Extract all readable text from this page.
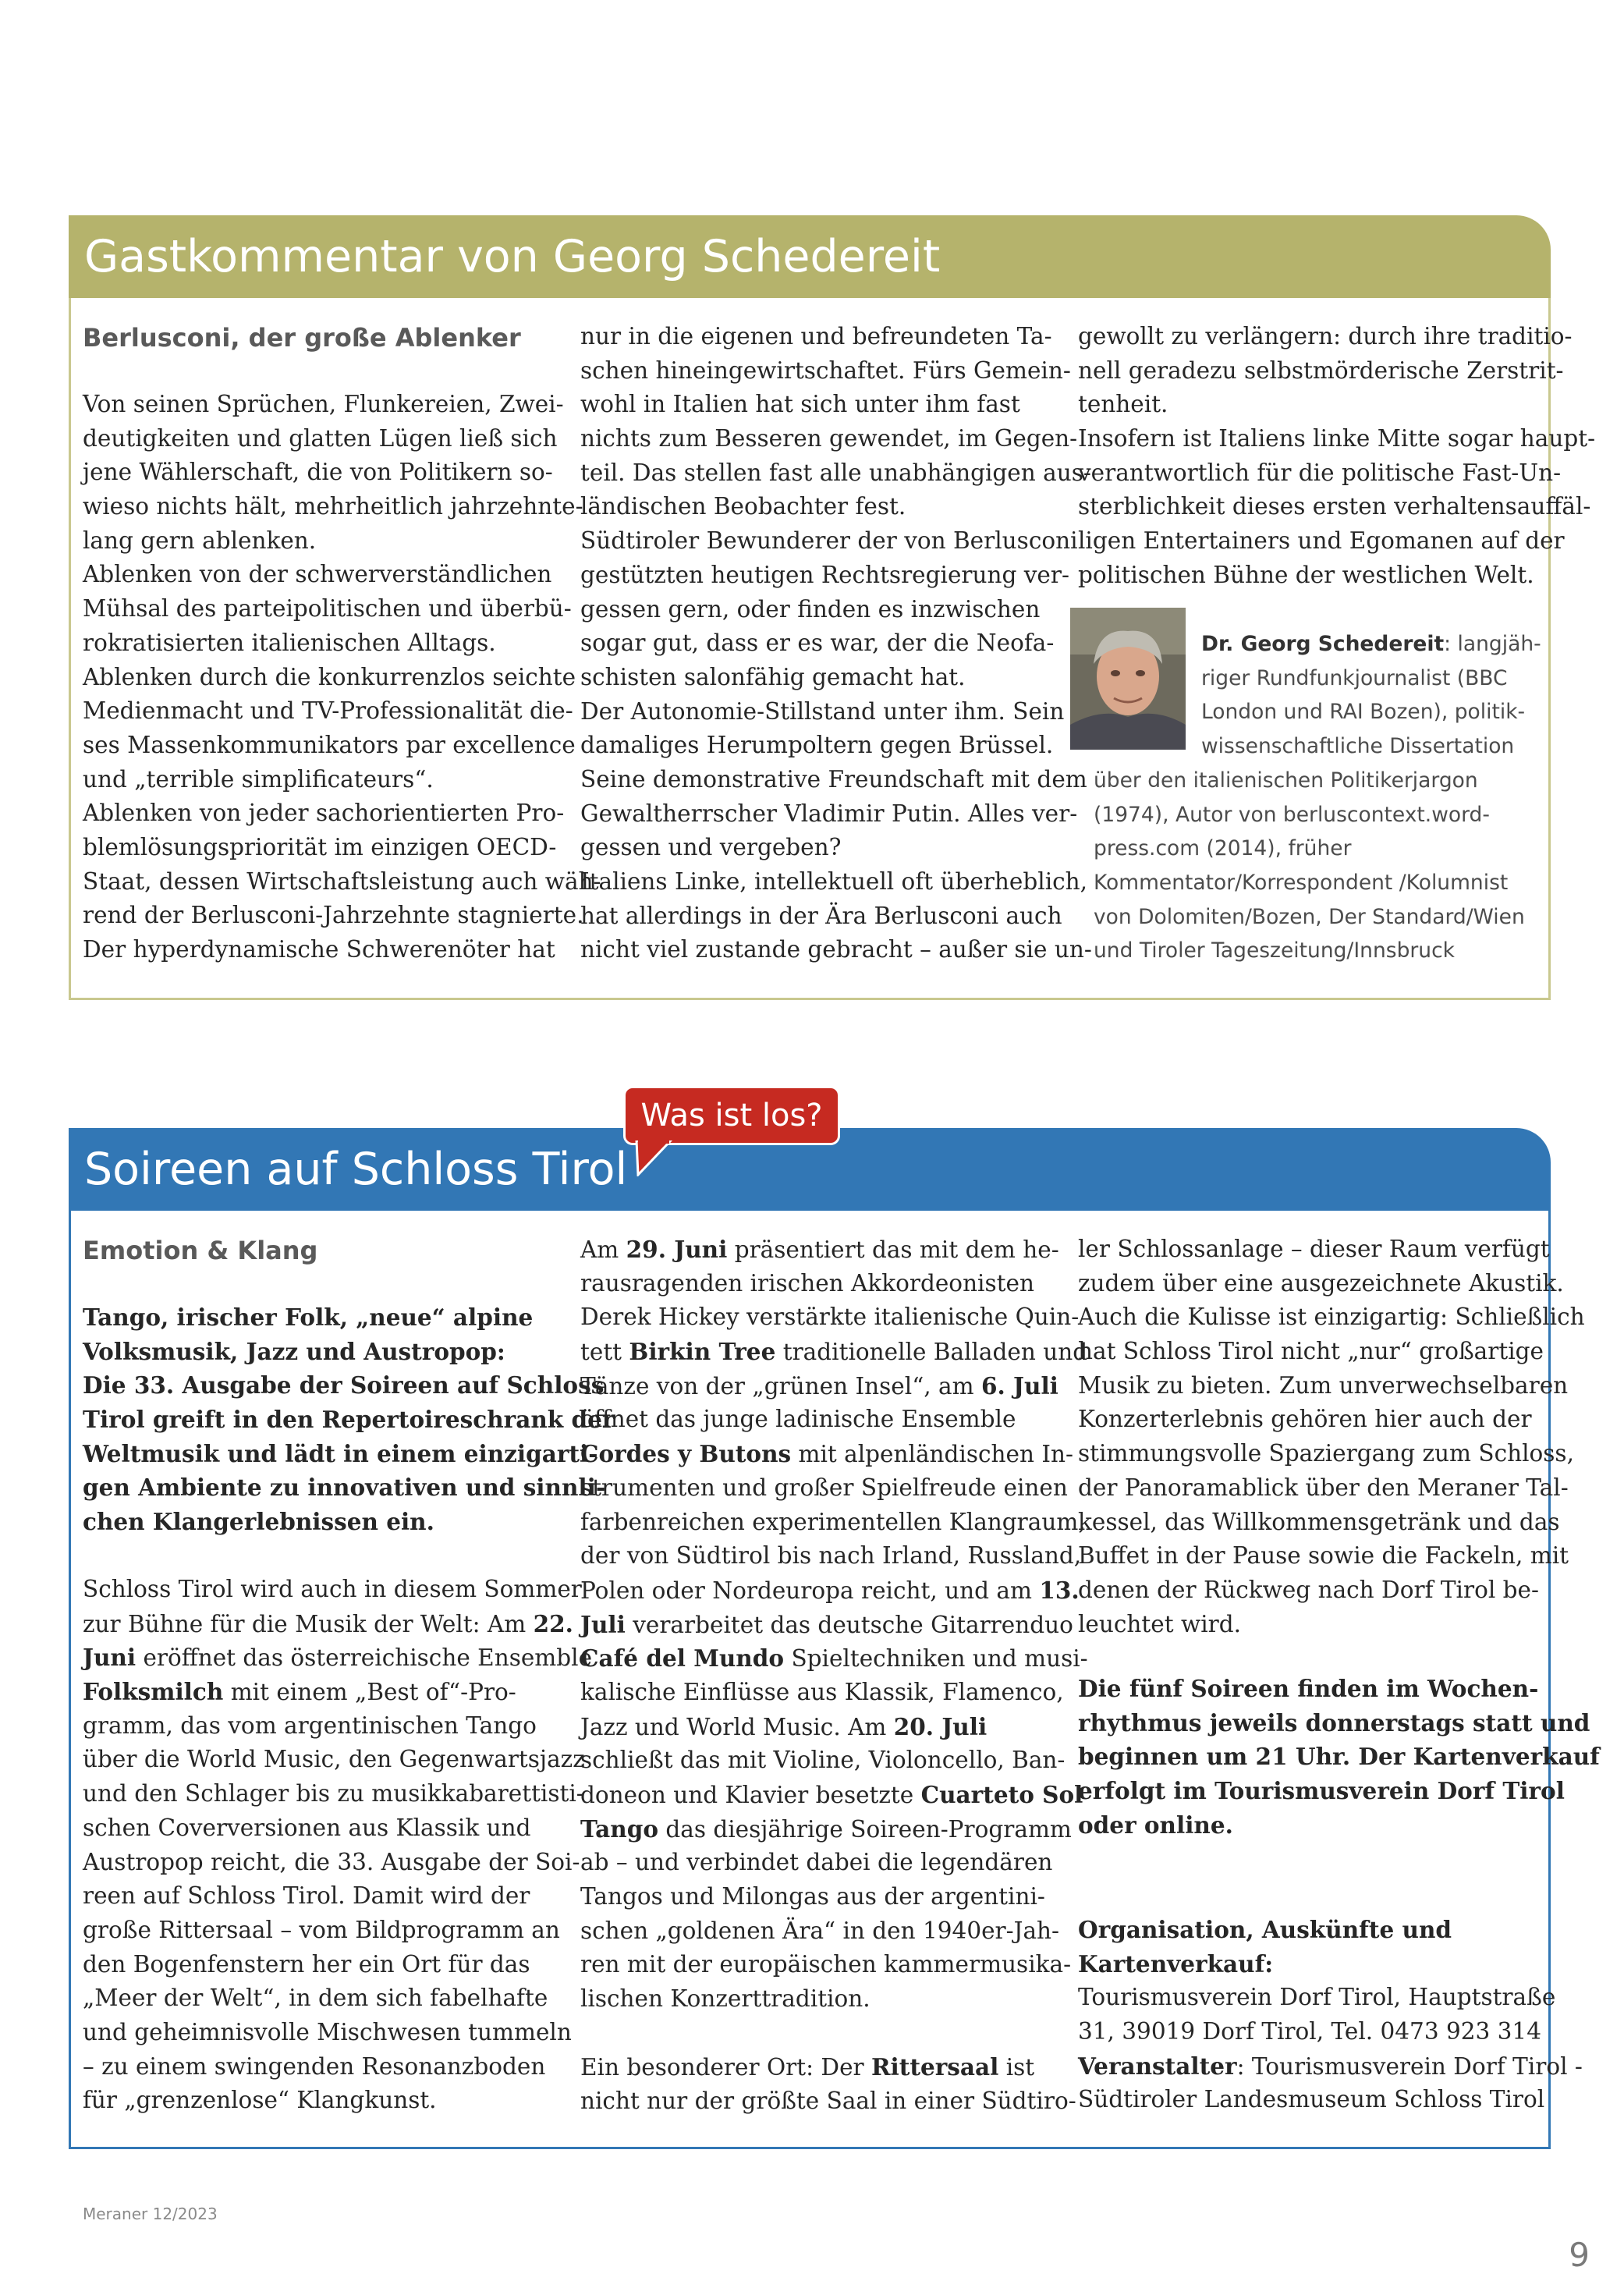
Gastkommentar von Georg Schedereit
Berlusconi, der große Ablenker
Von seinen Sprüchen, Flunkereien, Zwei-
deutigkeiten und glatten Lügen ließ sich
jene Wählerschaft, die von Politikern so-
wieso nichts hält, mehrheitlich jahrzehnte-
lang gern ablenken.
Ablenken von der schwerverständlichen
Mühsal des parteipolitischen und überbü-
rokratisierten italienischen Alltags.
Ablenken durch die konkurrenzlos seichte
Medienmacht und TV-Professionalität die-
ses Massenkommunikators par excellence
und „terrible simplificateurs“.
Ablenken von jeder sachorientierten Pro-
blemlösungspriorität im einzigen OECD-
Staat, dessen Wirtschaftsleistung auch wäh-
rend der Berlusconi-Jahrzehnte stagnierte.
Der hyperdynamische Schwerenöter hat
nur in die eigenen und befreundeten Ta-
schen hineingewirtschaftet. Fürs Gemein-
wohl in Italien hat sich unter ihm fast
nichts zum Besseren gewendet, im Gegen-
teil. Das stellen fast alle unabhängigen aus-
ländischen Beobachter fest.
Südtiroler Bewunderer der von Berlusconi
gestützten heutigen Rechtsregierung ver-
gessen gern, oder finden es inzwischen
sogar gut, dass er es war, der die Neofa-
schisten salonfähig gemacht hat.
Der Autonomie-Stillstand unter ihm. Sein
damaliges Herumpoltern gegen Brüssel.
Seine demonstrative Freundschaft mit dem
Gewaltherrscher Vladimir Putin. Alles ver-
gessen und vergeben?
Italiens Linke, intellektuell oft überheblich,
hat allerdings in der Ära Berlusconi auch
nicht viel zustande gebracht – außer sie un-
gewollt zu verlängern: durch ihre traditio-
nell geradezu selbstmörderische Zerstrit-
tenheit.
Insofern ist Italiens linke Mitte sogar haupt-
verantwortlich für die politische Fast-Un-
sterblichkeit dieses ersten verhaltensauffäl-
ligen Entertainers und Egomanen auf der
politischen Bühne der westlichen Welt.
Dr. Georg Schedereit: langjäh-
riger Rundfunkjournalist (BBC
London und RAI Bozen), politik-
wissenschaftliche Dissertation
über den italienischen Politikerjargon
(1974), Autor von berluscontext.word-
press.com (2014), früher
Kommentator/Korrespondent /Kolumnist
von Dolomiten/Bozen, Der Standard/Wien
und Tiroler Tageszeitung/Innsbruck
Soireen auf Schloss Tirol
Was ist los?
Emotion & Klang
Tango, irischer Folk, „neue“ alpine
Volksmusik, Jazz und Austropop:
Die 33. Ausgabe der Soireen auf Schloss
Tirol greift in den Repertoireschrank der
Weltmusik und lädt in einem einzigarti-
gen Ambiente zu innovativen und sinnli-
chen Klangerlebnissen ein.
Schloss Tirol wird auch in diesem Sommer
zur Bühne für die Musik der Welt: Am 22.
Juni eröffnet das österreichische Ensemble
Folksmilch mit einem „Best of“-Pro-
gramm, das vom argentinischen Tango
über die World Music, den Gegenwartsjazz
und den Schlager bis zu musikkabarettisti-
schen Coverversionen aus Klassik und
Austropop reicht, die 33. Ausgabe der Soi-
reen auf Schloss Tirol. Damit wird der
große Rittersaal – vom Bildprogramm an
den Bogenfenstern her ein Ort für das
„Meer der Welt“, in dem sich fabelhafte
und geheimnisvolle Mischwesen tummeln
– zu einem swingenden Resonanzboden
für „grenzenlose“ Klangkunst.
Am 29. Juni präsentiert das mit dem he-
rausragenden irischen Akkordeonisten
Derek Hickey verstärkte italienische Quin-
tett Birkin Tree traditionelle Balladen und
Tänze von der „grünen Insel“, am 6. Juli
öffnet das junge ladinische Ensemble
Cordes y Butons mit alpenländischen In-
strumenten und großer Spielfreude einen
farbenreichen experimentellen Klangraum,
der von Südtirol bis nach Irland, Russland,
Polen oder Nordeuropa reicht, und am 13.
Juli verarbeitet das deutsche Gitarrenduo
Café del Mundo Spieltechniken und musi-
kalische Einflüsse aus Klassik, Flamenco,
Jazz und World Music. Am 20. Juli
schließt das mit Violine, Violoncello, Ban-
doneon und Klavier besetzte Cuarteto Sol
Tango das diesjährige Soireen-Programm
ab – und verbindet dabei die legendären
Tangos und Milongas aus der argentini-
schen „goldenen Ära“ in den 1940er-Jah-
ren mit der europäischen kammermusika-
lischen Konzerttradition.
Ein besonderer Ort: Der Rittersaal ist
nicht nur der größte Saal in einer Südtiro-
ler Schlossanlage – dieser Raum verfügt
zudem über eine ausgezeichnete Akustik.
Auch die Kulisse ist einzigartig: Schließlich
hat Schloss Tirol nicht „nur“ großartige
Musik zu bieten. Zum unverwechselbaren
Konzerterlebnis gehören hier auch der
stimmungsvolle Spaziergang zum Schloss,
der Panoramablick über den Meraner Tal-
kessel, das Willkommensgetränk und das
Buffet in der Pause sowie die Fackeln, mit
denen der Rückweg nach Dorf Tirol be-
leuchtet wird.
Die fünf Soireen finden im Wochen-
rhythmus jeweils donnerstags statt und
beginnen um 21 Uhr. Der Kartenverkauf
erfolgt im Tourismusverein Dorf Tirol
oder online.
Organisation, Auskünfte und
Kartenverkauf:
Tourismusverein Dorf Tirol, Hauptstraße
31, 39019 Dorf Tirol, Tel. 0473 923 314
Veranstalter: Tourismusverein Dorf Tirol -
Südtiroler Landesmuseum Schloss Tirol
Meraner 12/2023
9
